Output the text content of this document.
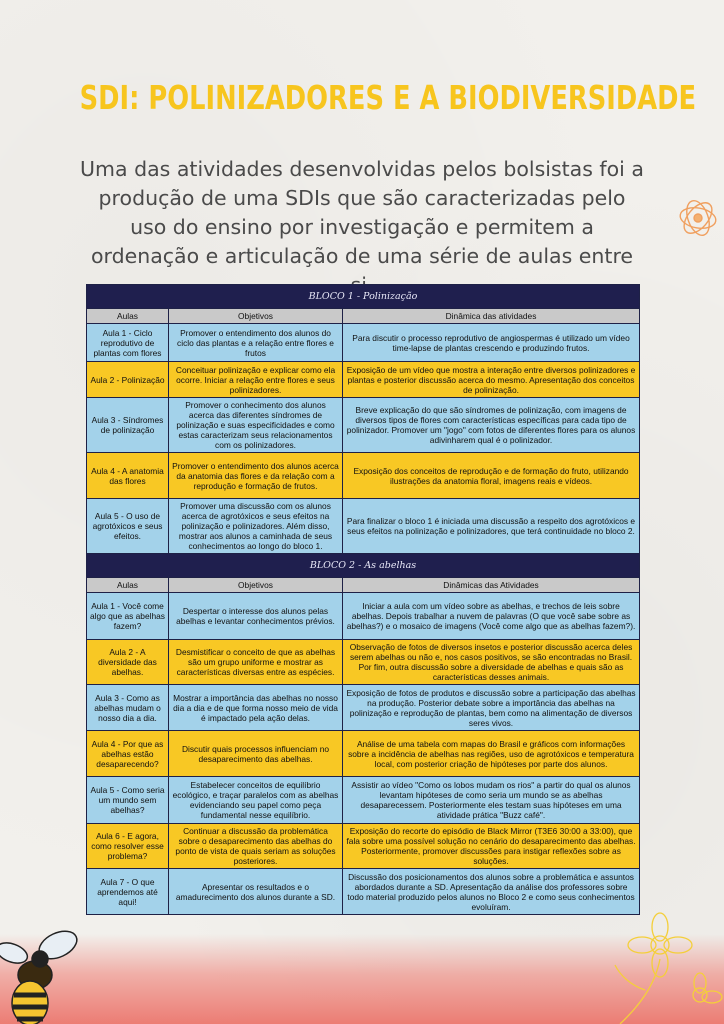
SDI: POLINIZADORES E A BIODIVERSIDADE
Uma das atividades desenvolvidas pelos bolsistas foi a produção de uma SDIs que são caracterizadas pelo uso do ensino por investigação e permitem a ordenação e articulação de uma série de aulas entre
BLOCO 1 - Polinização		
Aulas	Objetivos	Dinâmica das atividades
Aula 1 - Ciclo reprodutivo de plantas com flores	Promover o entendimento dos alunos do ciclo das plantas e a relação entre flores e frutos	Para discutir o processo reprodutivo de angiospermas é utilizado um vídeo time-lapse de plantas crescendo e produzindo frutos.
Aula 2 - Polinização	Conceituar polinização e explicar como ela ocorre. Iniciar a relação entre flores e seus polinizadores.	Exposição de um vídeo que mostra a interação entre diversos polinizadores e plantas e posterior discussão acerca do mesmo. Apresentação dos conceitos de polinização.
Aula 3 - Síndromes de polinização	Promover o conhecimento dos alunos acerca das diferentes síndromes de polinização e suas especificidades e como estas caracterizam seus relacionamentos com os polinizadores.	Breve explicação do que são síndromes de polinização, com imagens de diversos tipos de flores com características específicas para cada tipo de polinizador. Promover um "jogo" com fotos de diferentes flores para os alunos adivinharem qual é o polinizador.
Aula 4 - A anatomia das flores	Promover o entendimento dos alunos acerca da anatomia das flores e da relação com a reprodução e formação de frutos.	Exposição dos conceitos de reprodução e de formação do fruto, utilizando ilustrações da anatomia floral, imagens reais e vídeos.
Aula 5 - O uso de agrotóxicos e seus efeitos.	Promover uma discussão com os alunos acerca de agrotóxicos e seus efeitos na polinização e polinizadores. Além disso, mostrar aos alunos a caminhada de seus conhecimentos ao longo do bloco 1.	Para finalizar o bloco 1 é iniciada uma discussão a respeito dos agrotóxicos e seus efeitos na polinização e polinizadores, que terá continuidade no bloco 2.
BLOCO 2 - As abelhas		
Aulas	Objetivos	Dinâmicas das Atividades
Aula 1 - Você come algo que as abelhas fazem?	Despertar o interesse dos alunos pelas abelhas e levantar conhecimentos prévios.	Iniciar a aula com um vídeo sobre as abelhas, e trechos de leis sobre abelhas. Depois trabalhar a nuvem de palavras (O que você sabe sobre as abelhas?) e o mosaico de imagens (Você come algo que as abelhas fazem?).
Aula 2 - A diversidade das abelhas.	Desmistificar o conceito de que as abelhas são um grupo uniforme e mostrar as características diversas entre as espécies.	Observação de fotos de diversos insetos e posterior discussão acerca deles serem abelhas ou não e, nos casos positivos, se são encontradas no Brasil. Por fim, outra discussão sobre a diversidade de abelhas e quais são as características desses animais.
Aula 3 - Como as abelhas mudam o nosso dia a dia.	Mostrar a importância das abelhas no nosso dia a dia e de que forma nosso meio de vida é impactado pela ação delas.	Exposição de fotos de produtos e discussão sobre a participação das abelhas na produção. Posterior debate sobre a importância das abelhas na polinização e reprodução de plantas, bem como na alimentação de diversos seres vivos.
Aula 4 - Por que as abelhas estão desaparecendo?	Discutir quais processos influenciam no desaparecimento das abelhas.	Análise de uma tabela com mapas do Brasil e gráficos com informações sobre a incidência de abelhas nas regiões, uso de agrotóxicos e temperatura local, com posterior criação de hipóteses por parte dos alunos.
Aula 5 - Como seria um mundo sem abelhas?	Estabelecer conceitos de equilíbrio ecológico, e traçar paralelos com as abelhas evidenciando seu papel como peça fundamental nesse equilíbrio.	Assistir ao vídeo "Como os lobos mudam os rios" a partir do qual os alunos levantam hipóteses de como seria um mundo se as abelhas desaparecessem. Posteriormente eles testam suas hipóteses em uma atividade prática "Buzz café".
Aula 6 - E agora, como resolver esse problema?	Continuar a discussão da problemática sobre o desaparecimento das abelhas do ponto de vista de quais seriam as soluções posteriores.	Exposição do recorte do episódio de Black Mirror (T3E6 30:00 a 33:00), que fala sobre uma possível solução no cenário do desaparecimento das abelhas. Posteriormente, promover discussões para instigar reflexões sobre as soluções.
Aula 7 - O que aprendemos até aqui!	Apresentar os resultados e o amadurecimento dos alunos durante a SD.	Discussão dos posicionamentos dos alunos sobre a problemática e assuntos abordados durante a SD. Apresentação da análise dos professores sobre todo material produzido pelos alunos no Bloco 2 e como seus conhecimentos evoluíram.
